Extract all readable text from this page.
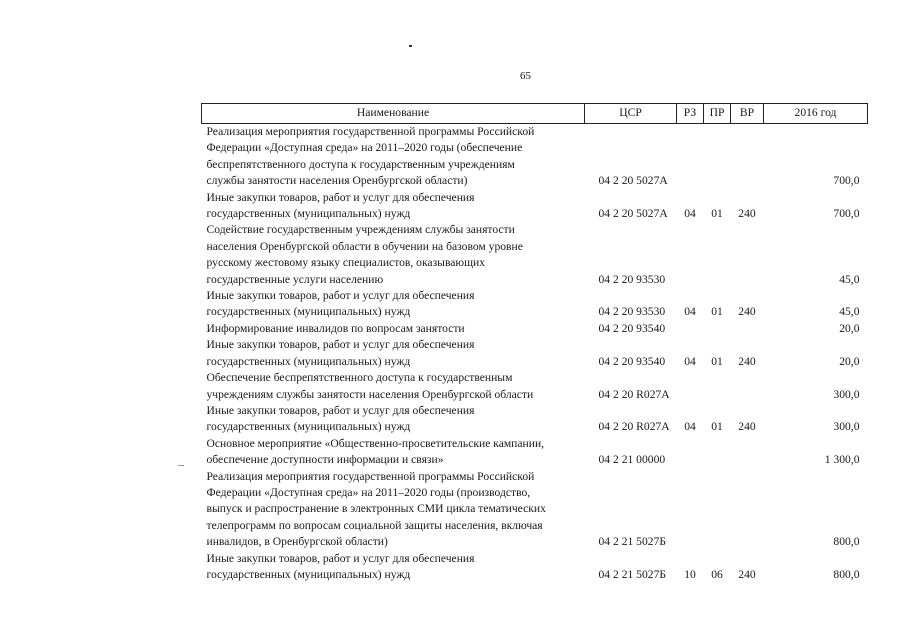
65
Наименование	ЦСР	РЗ	ПР	ВР	2016 год

Реализация мероприятия государственной программы Российской
Федерации «Доступная среда» на 2011–2020 годы (обеспечение
беспрепятственного доступа к государственным учреждениям
службы занятости населения Оренбургской области)	04 2 20 5027А				700,0

Иные закупки товаров, работ и услуг для обеспечения
государственных (муниципальных) нужд	04 2 20 5027А	04	01	240	700,0

Содействие государственным учреждениям службы занятости
населения Оренбургской области в обучении на базовом уровне
русскому жестовому языку специалистов, оказывающих
государственные услуги населению	04 2 20 93530				45,0

Иные закупки товаров, работ и услуг для обеспечения
государственных (муниципальных) нужд	04 2 20 93530	04	01	240	45,0

Информирование инвалидов по вопросам занятости	04 2 20 93540				20,0

Иные закупки товаров, работ и услуг для обеспечения
государственных (муниципальных) нужд	04 2 20 93540	04	01	240	20,0

Обеспечение беспрепятственного доступа к государственным
учреждениям службы занятости населения Оренбургской области	04 2 20 R027А				300,0

Иные закупки товаров, работ и услуг для обеспечения
государственных (муниципальных) нужд	04 2 20 R027А	04	01	240	300,0

Основное мероприятие «Общественно-просветительские кампании,
обеспечение доступности информации и связи»	04 2 21 00000				1 300,0

Реализация мероприятия государственной программы Российской
Федерации «Доступная среда» на 2011–2020 годы (производство,
выпуск и распространение в электронных СМИ цикла тематических
телепрограмм по вопросам социальной защиты населения, включая
инвалидов, в Оренбургской области)	04 2 21 5027Б				800,0

Иные закупки товаров, работ и услуг для обеспечения
государственных (муниципальных) нужд	04 2 21 5027Б	10	06	240	800,0
